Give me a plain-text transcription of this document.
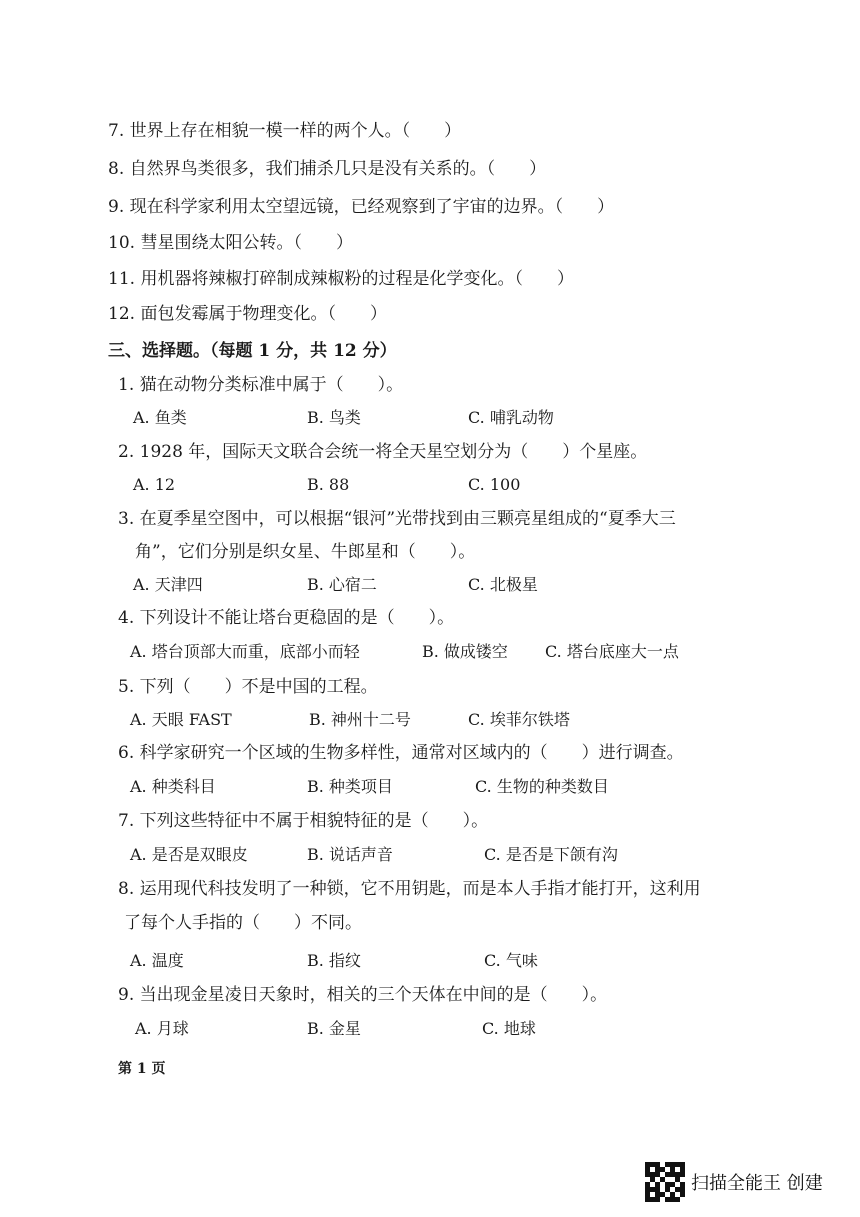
7. 世界上存在相貌一模一样的两个人。（　　）
8. 自然界鸟类很多，我们捕杀几只是没有关系的。（　　）
9. 现在科学家利用太空望远镜，已经观察到了宇宙的边界。（　　）
10. 彗星围绕太阳公转。（　　）
11. 用机器将辣椒打碎制成辣椒粉的过程是化学变化。（　　）
12. 面包发霉属于物理变化。（　　）
三、选择题。（每题 1 分，共 12 分）
1. 猫在动物分类标准中属于（　　）。
A. 鱼类	B. 鸟类	C. 哺乳动物
2. 1928 年，国际天文联合会统一将全天星空划分为（　　）个星座。
A. 12	B. 88	C. 100
3. 在夏季星空图中，可以根据“银河”光带找到由三颗亮星组成的“夏季大三
角”，它们分别是织女星、牛郎星和（　　）。
A. 天津四	B. 心宿二	C. 北极星
4. 下列设计不能让塔台更稳固的是（　　）。
A. 塔台顶部大而重，底部小而轻	B. 做成镂空 C. 塔台底座大一点
5. 下列（　　）不是中国的工程。
A. 天眼 FAST	B. 神州十二号	C. 埃菲尔铁塔
6. 科学家研究一个区域的生物多样性，通常对区域内的（　　）进行调查。
A. 种类科目	B. 种类项目	C. 生物的种类数目
7. 下列这些特征中不属于相貌特征的是（　　）。
A. 是否是双眼皮	B. 说话声音	C. 是否是下颌有沟
8. 运用现代科技发明了一种锁，它不用钥匙，而是本人手指才能打开，这利用
了每个人手指的（　　）不同。
A. 温度	B. 指纹	C. 气味
9. 当出现金星凌日天象时，相关的三个天体在中间的是（　　）。
A. 月球	B. 金星	C. 地球
第 1 页
扫描全能王 创建
